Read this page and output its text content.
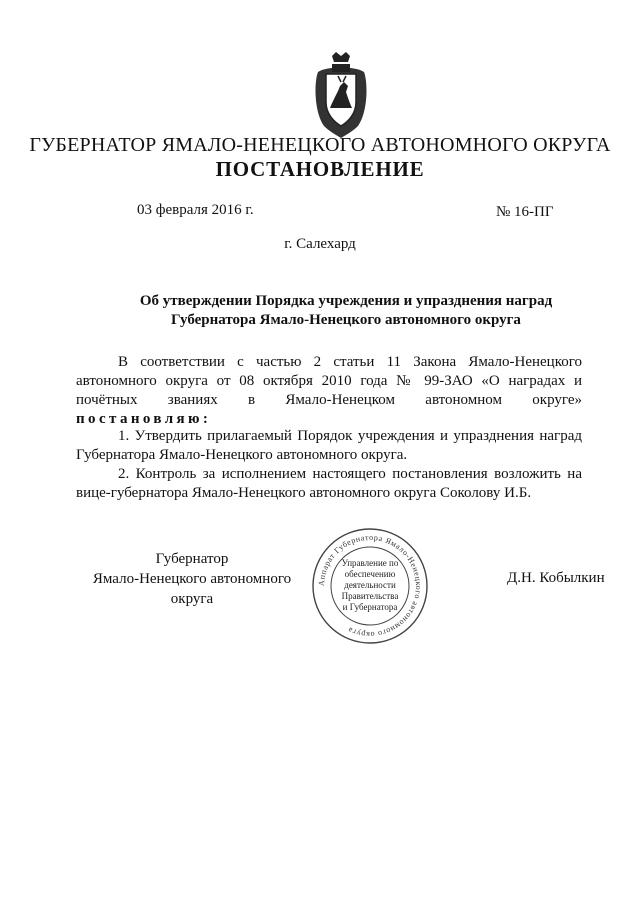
ГУБЕРНАТОР ЯМАЛО-НЕНЕЦКОГО АВТОНОМНОГО ОКРУГА
ПОСТАНОВЛЕНИЕ
03 февраля 2016 г.	№ 16-ПГ
г. Салехард
Об утверждении Порядка учреждения и упразднения наград
Губернатора Ямало-Ненецкого автономного округа
В соответствии с частью 2 статьи 11 Закона Ямало-Ненецкого автономного округа от 08 октября 2010 года № 99-ЗАО «О наградах и почётных званиях в Ямало-Ненецком автономном округе» постановляю:
1. Утвердить прилагаемый Порядок учреждения и упразднения наград Губернатора Ямало-Ненецкого автономного округа.
2. Контроль за исполнением настоящего постановления возложить на вице-губернатора Ямало-Ненецкого автономного округа Соколову И.Б.
Губернатор
Ямало-Ненецкого автономного округа
Аппарат Губернатора Ямало-Ненецкого автономного округа
Управление по
обеспечению
деятельности
Правительства
и Губернатора
Д.Н. Кобылкин
